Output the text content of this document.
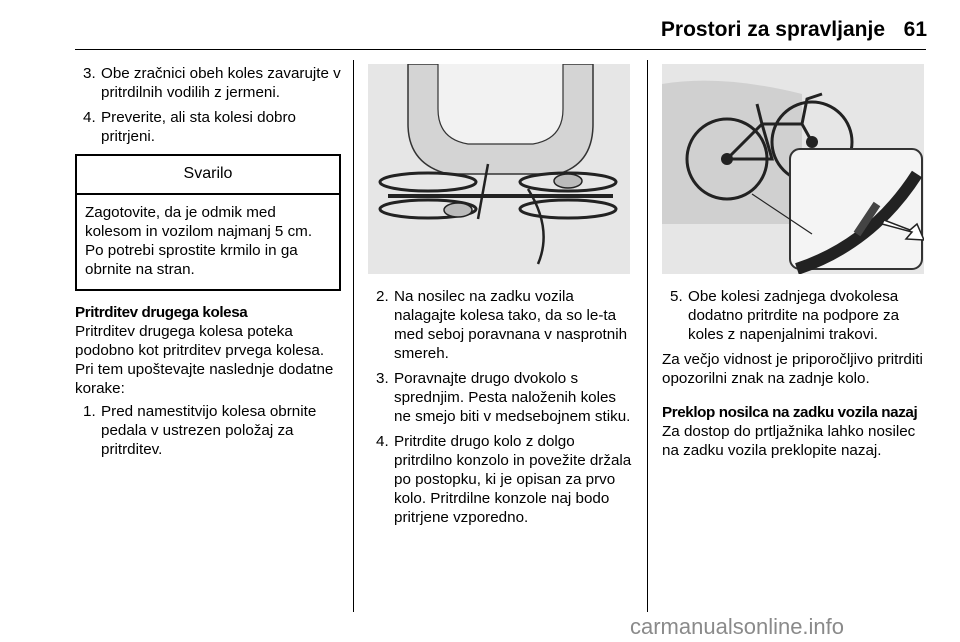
Prostori za spravljanje 61
3. Obe zračnici obeh koles zavarujte v pritrdilnih vodilih z jermeni.

4. Preverite, ali sta kolesi dobro pritrjeni.

Svarilo
Zagotovite, da je odmik med kolesom in vozilom najmanj 5 cm. Po potrebi sprostite krmilo in ga obrnite na stran.

Pritrditev drugega kolesa

Pritrditev drugega kolesa poteka podobno kot pritrditev prvega kolesa. Pri tem upoštevajte naslednje dodatne korake:

1. Pred namestitvijo kolesa obrnite pedala v ustrezen položaj za pritrditev.

2. Na nosilec na zadku vozila nalagajte kolesa tako, da so le-ta med seboj poravnana v nasprotnih smereh.

3. Poravnajte drugo dvokolo s sprednjim. Pesta naloženih koles ne smejo biti v medsebojnem stiku.

4. Pritrdite drugo kolo z dolgo pritrdilno konzolo in povežite držala po postopku, ki je opisan za prvo kolo. Pritrdilne konzole naj bodo pritrjene vzporedno.

5. Obe kolesi zadnjega dvokolesa dodatno pritrdite na podpore za koles z napenjalnimi trakovi.

Za večjo vidnost je priporočljivo pritrditi opozorilni znak na zadnje kolo.

Preklop nosilca na zadku vozila nazaj

Za dostop do prtljažnika lahko nosilec na zadku vozila preklopite nazaj.

carmanualsonline.info
